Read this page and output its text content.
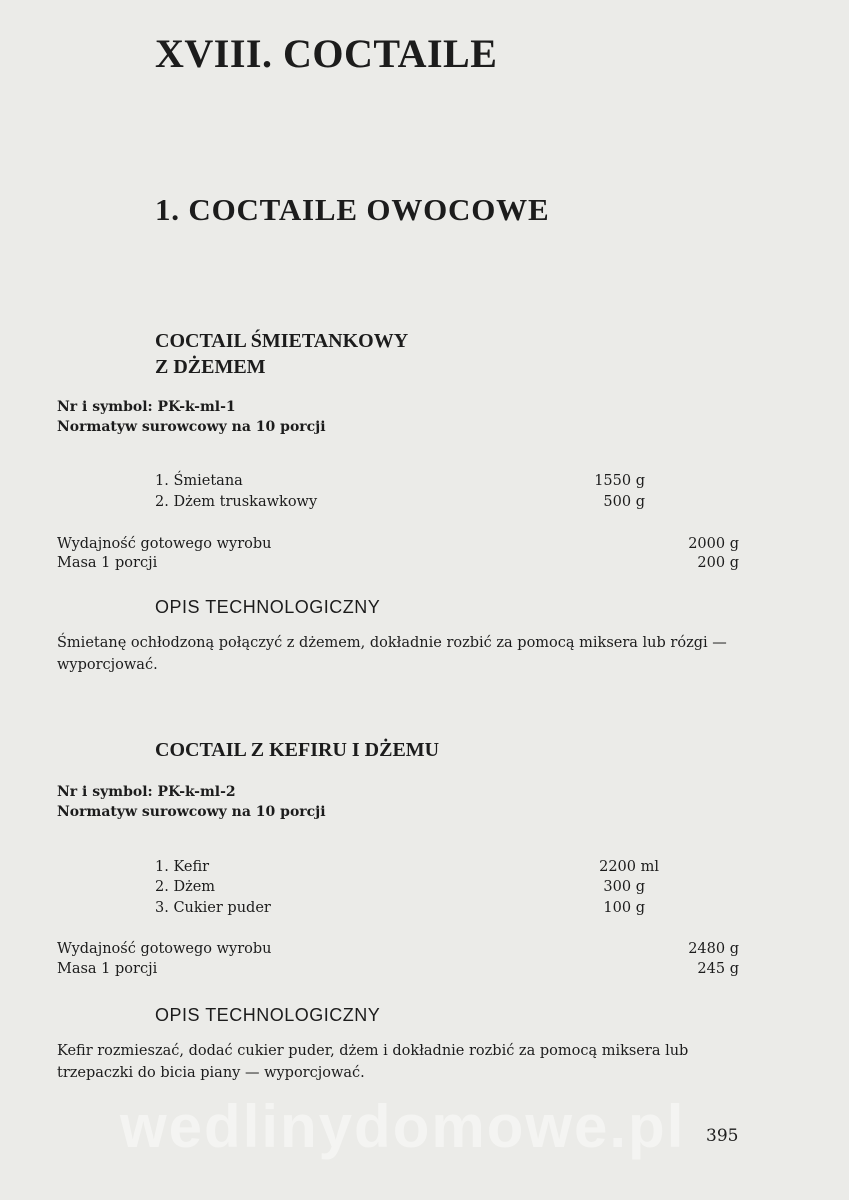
XVIII. COCTAILE
1. COCTAILE OWOCOWE
COCTAIL ŚMIETANKOWY
Z DŻEMEM
Nr i symbol: PK-k-ml-1
Normatyw surowcowy na 10 porcji
1. Śmietana	1550 g
2. Dżem truskawkowy	500 g
Wydajność gotowego wyrobu	2000 g
Masa 1 porcji	200 g
OPIS TECHNOLOGICZNY
Śmietanę ochłodzoną połączyć z dżemem, dokładnie rozbić za pomocą miksera lub rózgi — wyporcjować.
COCTAIL Z KEFIRU I DŻEMU
Nr i symbol: PK-k-ml-2
Normatyw surowcowy na 10 porcji
1. Kefir	2200 ml
2. Dżem	300 g
3. Cukier puder	100 g
Wydajność gotowego wyrobu	2480 g
Masa 1 porcji	245 g
OPIS TECHNOLOGICZNY
Kefir rozmieszać, dodać cukier puder, dżem i dokładnie rozbić za pomocą miksera lub trzepaczki do bicia piany — wyporcjować.
wedlinydomowe.pl 395
